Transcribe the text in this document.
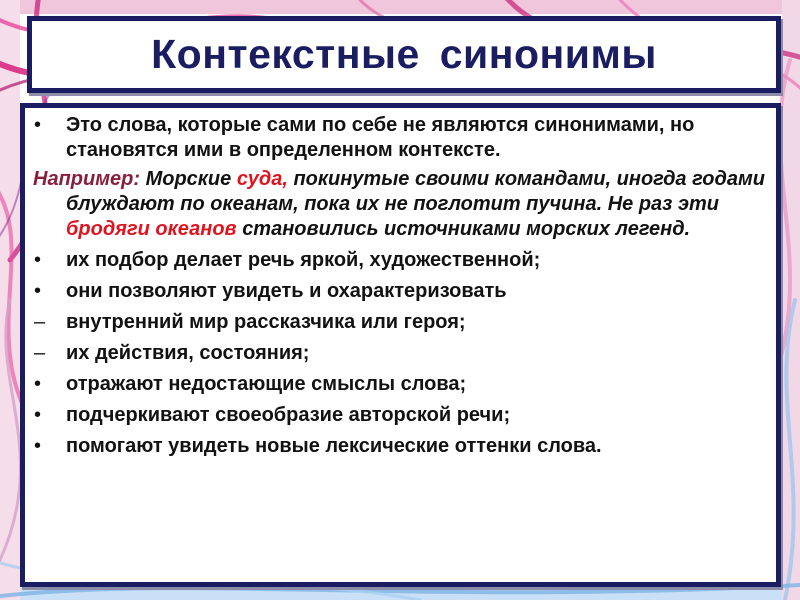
Контекстные синонимы
•	Это слова, которые сами по себе не являются синонимами, но становятся ими в определенном контексте.
Например: Морские суда, покинутые своими командами, иногда годами блуждают по океанам, пока их не поглотит пучина. Не раз эти бродяги океанов становились источниками морских легенд.
•	их подбор делает речь яркой, художественной;
•	они позволяют увидеть и охарактеризовать
–	внутренний мир рассказчика или героя;
–	их действия, состояния;
•	отражают недостающие смыслы слова;
•	подчеркивают своеобразие авторской речи;
•	помогают увидеть новые лексические оттенки слова.
